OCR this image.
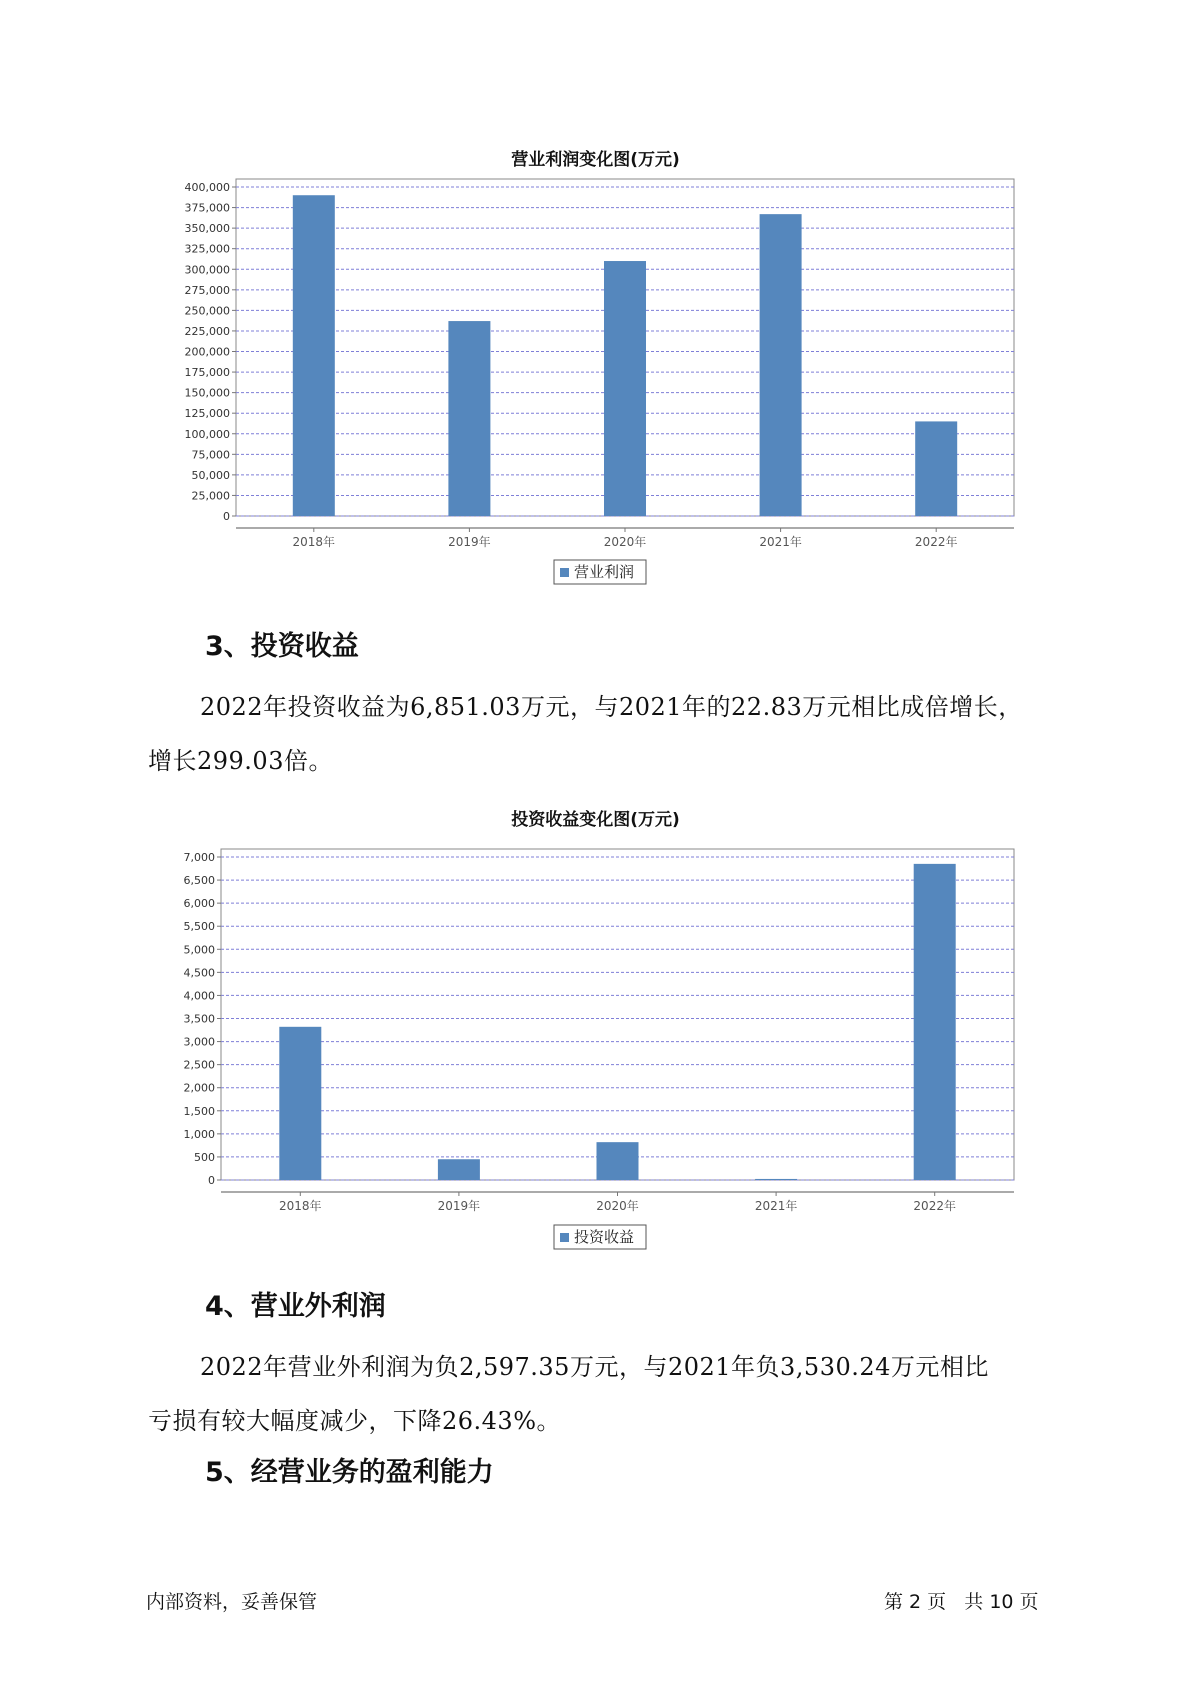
营业利润变化图(万元)
0
25,000
50,000
75,000
100,000
125,000
150,000
175,000
200,000
225,000
250,000
275,000
300,000
325,000
350,000
375,000
400,000
2018年	2019年	2020年	2021年	2022年
营业利润
3、投资收益
2022年投资收益为6,851.03万元，与2021年的22.83万元相比成倍增长，
增长299.03倍。
投资收益变化图(万元)
0
500
1,000
1,500
2,000
2,500
3,000
3,500
4,000
4,500
5,000
5,500
6,000
6,500
7,000
2018年	2019年	2020年	2021年	2022年
投资收益
4、营业外利润
2022年营业外利润为负2,597.35万元，与2021年负3,530.24万元相比
亏损有较大幅度减少，下降26.43%。
5、经营业务的盈利能力
内部资料，妥善保管	第 2 页   共 10 页
